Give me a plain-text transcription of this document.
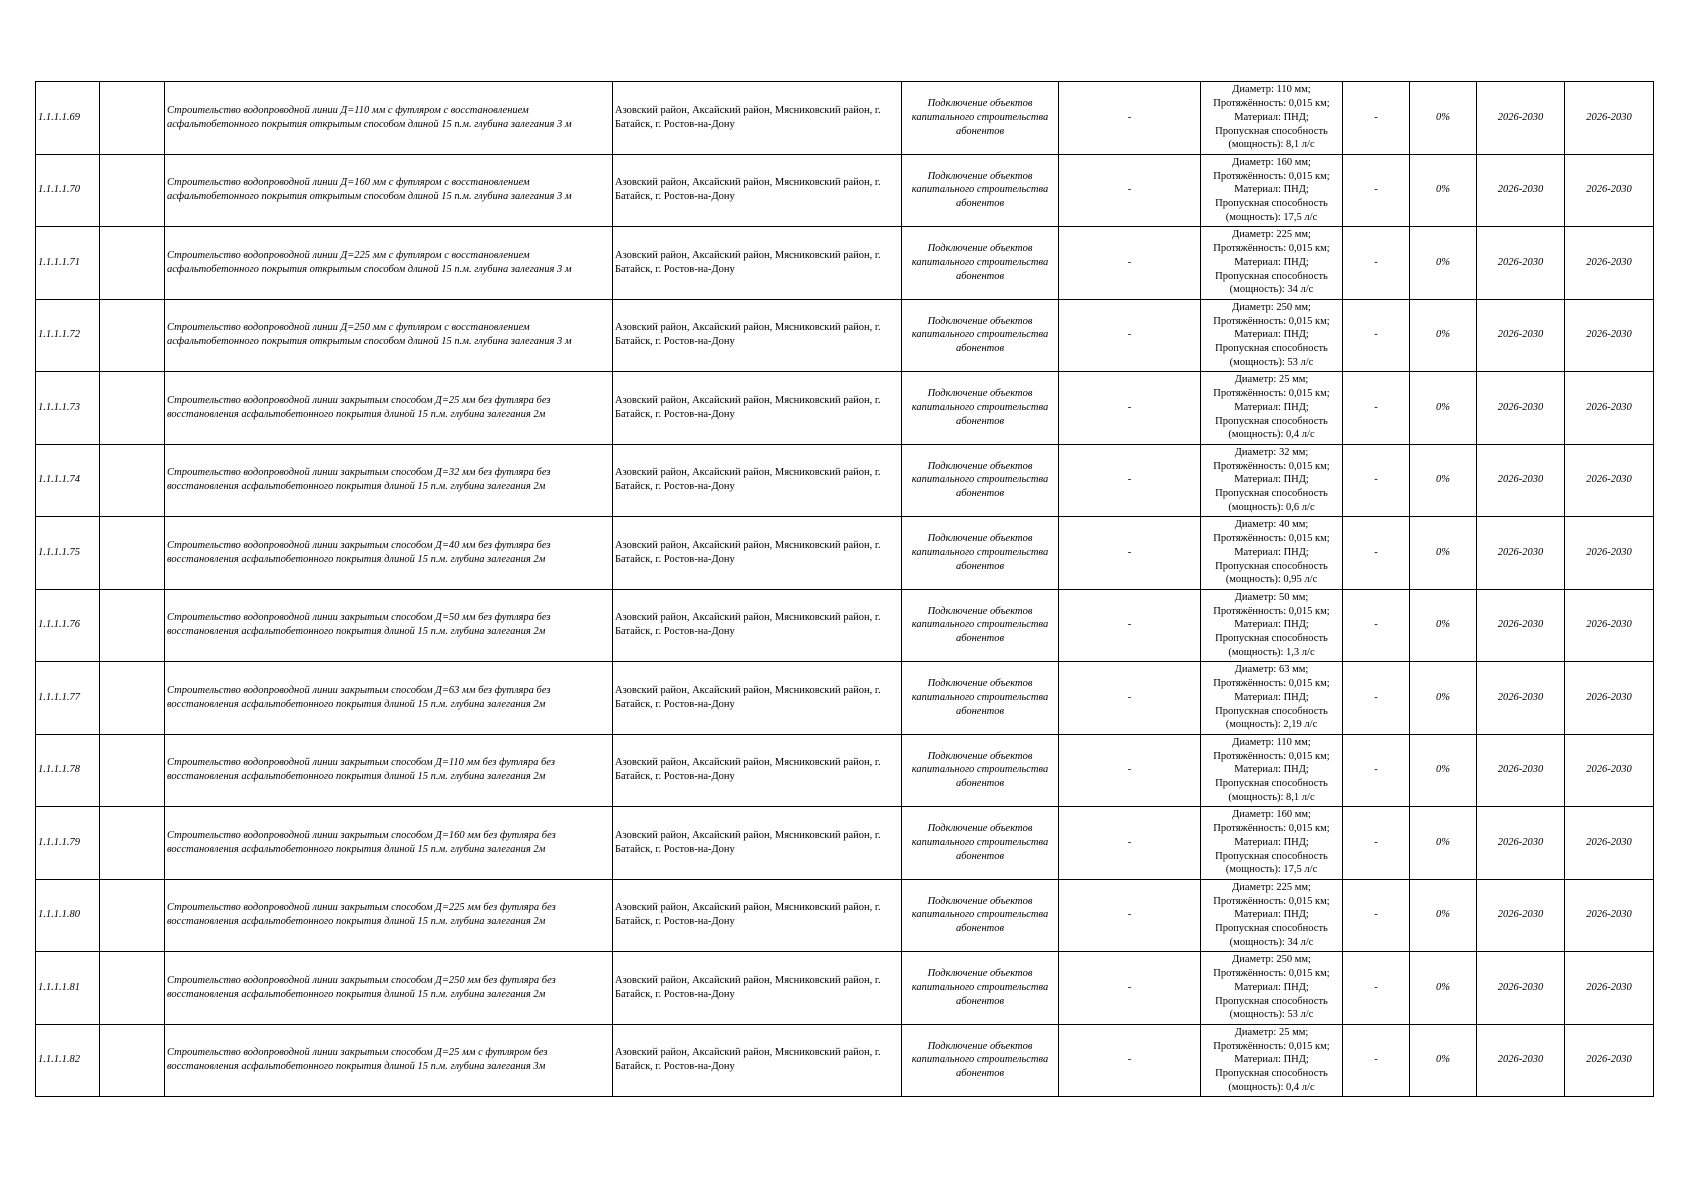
1.1.1.1.69		Строительство водопроводной линии Д=110 мм с футляром с восстановлением асфальтобетонного покрытия открытым способом длиной 15 п.м. глубина залегания 3 м	Азовский район, Аксайский район, Мясниковский район, г. Батайск, г. Ростов-на-Дону	Подключение объектов капитального строительства абонентов	-	Диаметр: 110 мм;
Протяжённость: 0,015 км;
Материал: ПНД;
Пропускная способность
(мощность): 8,1 л/с	-	0%	2026-2030	2026-2030
1.1.1.1.70		Строительство водопроводной линии Д=160 мм с футляром с восстановлением асфальтобетонного покрытия открытым способом длиной 15 п.м. глубина залегания 3 м	Азовский район, Аксайский район, Мясниковский район, г. Батайск, г. Ростов-на-Дону	Подключение объектов капитального строительства абонентов	-	Диаметр: 160 мм;
Протяжённость: 0,015 км;
Материал: ПНД;
Пропускная способность
(мощность): 17,5 л/с	-	0%	2026-2030	2026-2030
1.1.1.1.71		Строительство водопроводной линии Д=225 мм с футляром с восстановлением асфальтобетонного покрытия открытым способом длиной 15 п.м. глубина залегания 3 м	Азовский район, Аксайский район, Мясниковский район, г. Батайск, г. Ростов-на-Дону	Подключение объектов капитального строительства абонентов	-	Диаметр: 225 мм;
Протяжённость: 0,015 км;
Материал: ПНД;
Пропускная способность
(мощность): 34 л/с	-	0%	2026-2030	2026-2030
1.1.1.1.72		Строительство водопроводной линии Д=250 мм с футляром с восстановлением асфальтобетонного покрытия открытым способом длиной 15 п.м. глубина залегания 3 м	Азовский район, Аксайский район, Мясниковский район, г. Батайск, г. Ростов-на-Дону	Подключение объектов капитального строительства абонентов	-	Диаметр: 250 мм;
Протяжённость: 0,015 км;
Материал: ПНД;
Пропускная способность
(мощность): 53 л/с	-	0%	2026-2030	2026-2030
1.1.1.1.73		Строительство водопроводной линии закрытым способом Д=25 мм без футляра без восстановления асфальтобетонного покрытия длиной 15 п.м. глубина залегания 2м	Азовский район, Аксайский район, Мясниковский район, г. Батайск, г. Ростов-на-Дону	Подключение объектов капитального строительства абонентов	-	Диаметр: 25 мм;
Протяжённость: 0,015 км;
Материал: ПНД;
Пропускная способность
(мощность): 0,4 л/с	-	0%	2026-2030	2026-2030
1.1.1.1.74		Строительство водопроводной линии закрытым способом Д=32 мм без футляра без восстановления асфальтобетонного покрытия длиной 15 п.м. глубина залегания 2м	Азовский район, Аксайский район, Мясниковский район, г. Батайск, г. Ростов-на-Дону	Подключение объектов капитального строительства абонентов	-	Диаметр: 32 мм;
Протяжённость: 0,015 км;
Материал: ПНД;
Пропускная способность
(мощность): 0,6 л/с	-	0%	2026-2030	2026-2030
1.1.1.1.75		Строительство водопроводной линии закрытым способом Д=40 мм без футляра без восстановления асфальтобетонного покрытия длиной 15 п.м. глубина залегания 2м	Азовский район, Аксайский район, Мясниковский район, г. Батайск, г. Ростов-на-Дону	Подключение объектов капитального строительства абонентов	-	Диаметр: 40 мм;
Протяжённость: 0,015 км;
Материал: ПНД;
Пропускная способность
(мощность): 0,95 л/с	-	0%	2026-2030	2026-2030
1.1.1.1.76		Строительство водопроводной линии закрытым способом Д=50 мм без футляра без восстановления асфальтобетонного покрытия длиной 15 п.м. глубина залегания 2м	Азовский район, Аксайский район, Мясниковский район, г. Батайск, г. Ростов-на-Дону	Подключение объектов капитального строительства абонентов	-	Диаметр: 50 мм;
Протяжённость: 0,015 км;
Материал: ПНД;
Пропускная способность
(мощность): 1,3 л/с	-	0%	2026-2030	2026-2030
1.1.1.1.77		Строительство водопроводной линии закрытым способом Д=63 мм без футляра без восстановления асфальтобетонного покрытия длиной 15 п.м. глубина залегания 2м	Азовский район, Аксайский район, Мясниковский район, г. Батайск, г. Ростов-на-Дону	Подключение объектов капитального строительства абонентов	-	Диаметр: 63 мм;
Протяжённость: 0,015 км;
Материал: ПНД;
Пропускная способность
(мощность): 2,19 л/с	-	0%	2026-2030	2026-2030
1.1.1.1.78		Строительство водопроводной линии закрытым способом Д=110 мм без футляра без восстановления асфальтобетонного покрытия длиной 15 п.м. глубина залегания 2м	Азовский район, Аксайский район, Мясниковский район, г. Батайск, г. Ростов-на-Дону	Подключение объектов капитального строительства абонентов	-	Диаметр: 110 мм;
Протяжённость: 0,015 км;
Материал: ПНД;
Пропускная способность
(мощность): 8,1 л/с	-	0%	2026-2030	2026-2030
1.1.1.1.79		Строительство водопроводной линии закрытым способом Д=160 мм без футляра без восстановления асфальтобетонного покрытия длиной 15 п.м. глубина залегания 2м	Азовский район, Аксайский район, Мясниковский район, г. Батайск, г. Ростов-на-Дону	Подключение объектов капитального строительства абонентов	-	Диаметр: 160 мм;
Протяжённость: 0,015 км;
Материал: ПНД;
Пропускная способность
(мощность): 17,5 л/с	-	0%	2026-2030	2026-2030
1.1.1.1.80		Строительство водопроводной линии закрытым способом Д=225 мм без футляра без восстановления асфальтобетонного покрытия длиной 15 п.м. глубина залегания 2м	Азовский район, Аксайский район, Мясниковский район, г. Батайск, г. Ростов-на-Дону	Подключение объектов капитального строительства абонентов	-	Диаметр: 225 мм;
Протяжённость: 0,015 км;
Материал: ПНД;
Пропускная способность
(мощность): 34 л/с	-	0%	2026-2030	2026-2030
1.1.1.1.81		Строительство водопроводной линии закрытым способом Д=250 мм без футляра без восстановления асфальтобетонного покрытия длиной 15 п.м. глубина залегания 2м	Азовский район, Аксайский район, Мясниковский район, г. Батайск, г. Ростов-на-Дону	Подключение объектов капитального строительства абонентов	-	Диаметр: 250 мм;
Протяжённость: 0,015 км;
Материал: ПНД;
Пропускная способность
(мощность): 53 л/с	-	0%	2026-2030	2026-2030
1.1.1.1.82		Строительство водопроводной линии закрытым способом Д=25 мм с футляром без восстановления асфальтобетонного покрытия длиной 15 п.м. глубина залегания 3м	Азовский район, Аксайский район, Мясниковский район, г. Батайск, г. Ростов-на-Дону	Подключение объектов капитального строительства абонентов	-	Диаметр: 25 мм;
Протяжённость: 0,015 км;
Материал: ПНД;
Пропускная способность
(мощность): 0,4 л/с	-	0%	2026-2030	2026-2030
